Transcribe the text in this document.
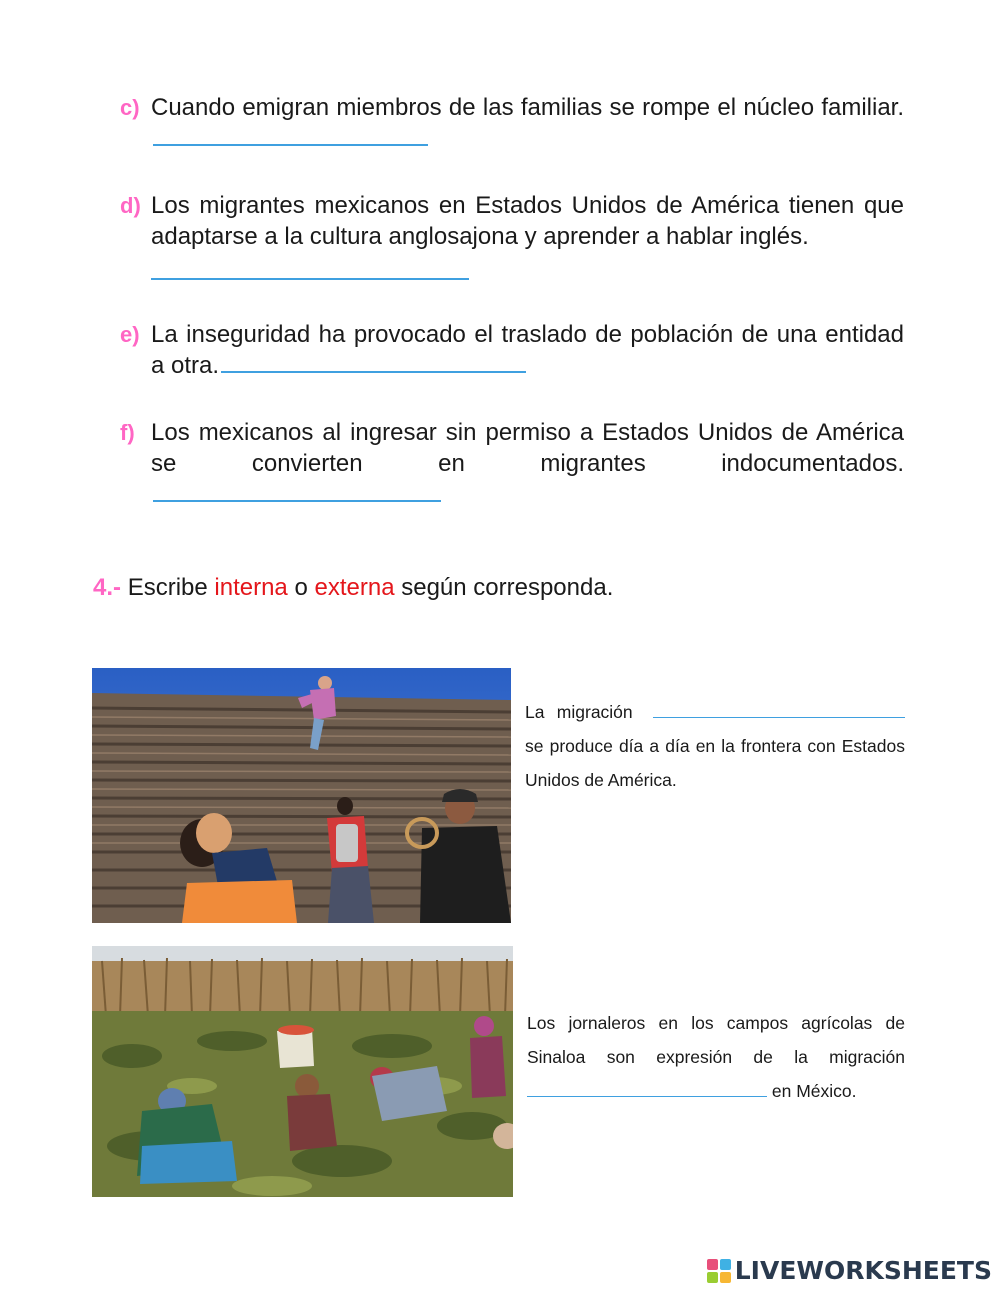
c) Cuando emigran miembros de las familias se rompe el núcleo familiar.
d) Los migrantes mexicanos en Estados Unidos de América tienen que adaptarse a la cultura anglosajona y aprender a hablar inglés.
e) La inseguridad ha provocado el traslado de población de una entidad a otra.
f) Los mexicanos al ingresar sin permiso a Estados Unidos de América se convierten en migrantes indocumentados.
4.- Escribe interna o externa según corresponda.
La migración  se produce día a día en la frontera con Estados Unidos de América.
Los jornaleros en los campos agrícolas de Sinaloa son expresión de la migración  en México.
LIVEWORKSHEETS
